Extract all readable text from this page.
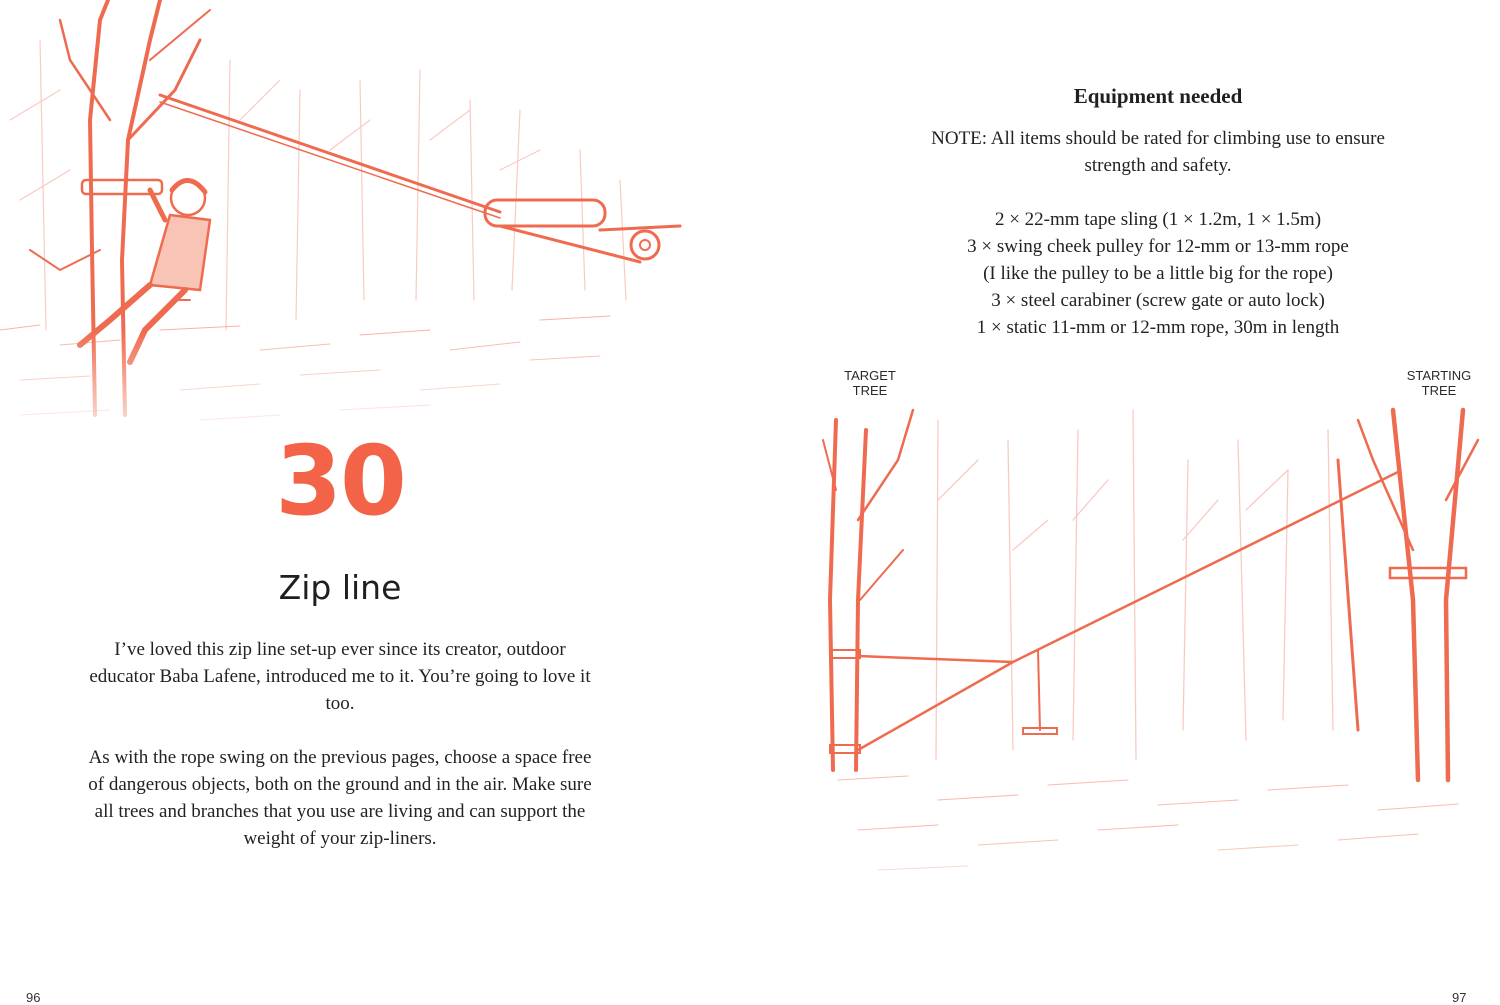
30
Zip line

I’ve loved this zip line set-up ever since its creator, outdoor educator Baba Lafene, introduced me to it. You’re going to love it too.

As with the rope swing on the previous pages, choose a space free of dangerous objects, both on the ground and in the air. Make sure all trees and branches that you use are living and can support the weight of your zip-liners.

96
Equipment needed
NOTE: All items should be rated for climbing use to ensure strength and safety.
2 × 22-mm tape sling (1 × 1.2m, 1 × 1.5m)
3 × swing cheek pulley for 12-mm or 13-mm rope
(I like the pulley to be a little big for the rope)
3 × steel carabiner (screw gate or auto lock)
1 × static 11-mm or 12-mm rope, 30m in length
TARGET
TREE
STARTING
TREE
97
